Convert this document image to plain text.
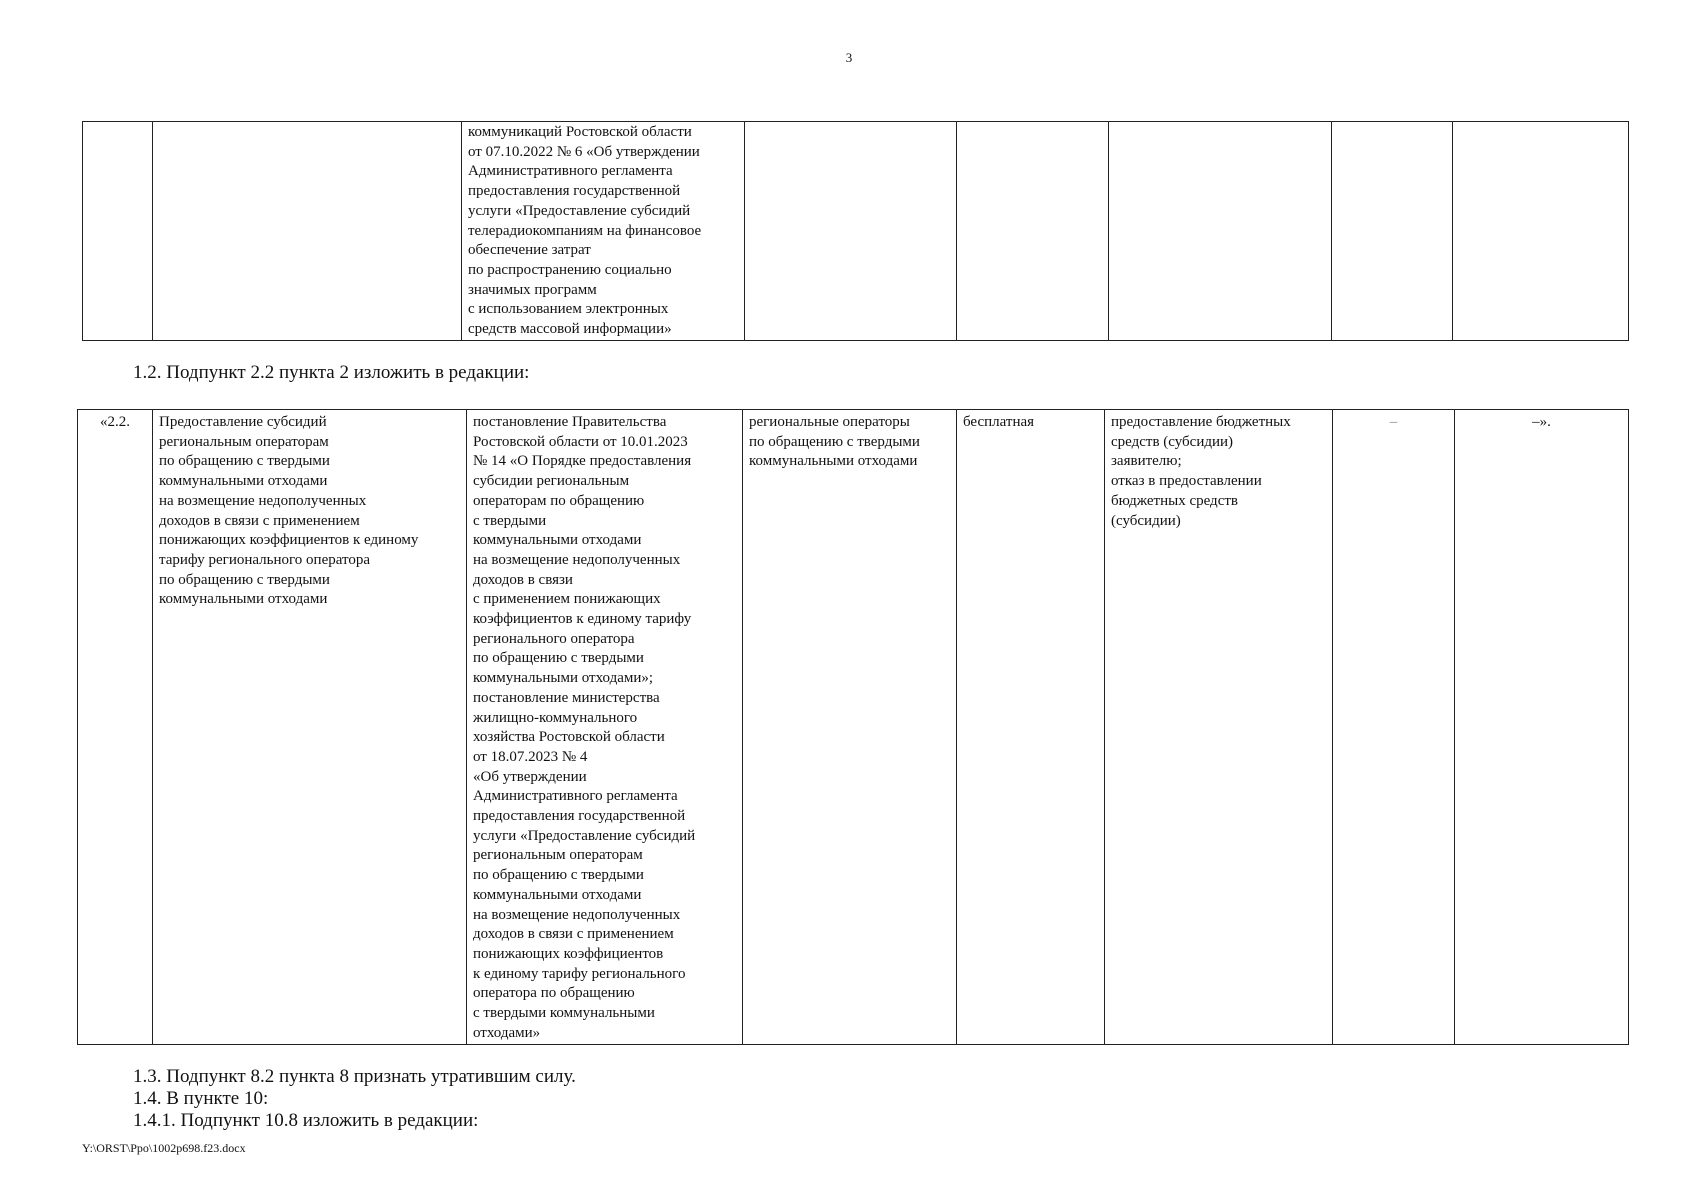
3
		коммуникаций Ростовской области
от 07.10.2022 № 6 «Об утверждении
Административного регламента
предоставления государственной
услуги «Предоставление субсидий
телерадиокомпаниям на финансовое
обеспечение затрат
по распространению социально
значимых программ
с использованием электронных
средств массовой информации»					
1.2. Подпункт 2.2 пункта 2 изложить в редакции:
«2.2.	Предоставление субсидий
региональным операторам
по обращению с твердыми
коммунальными отходами
на возмещение недополученных
доходов в связи с применением
понижающих коэффициентов к единому
тарифу регионального оператора
по обращению с твердыми
коммунальными отходами	постановление Правительства
Ростовской области от 10.01.2023
№ 14 «О Порядке предоставления
субсидии региональным
операторам по обращению
с твердыми
коммунальными отходами
на возмещение недополученных
доходов в связи
с применением понижающих
коэффициентов к единому тарифу
регионального оператора
по обращению с твердыми
коммунальными отходами»;
постановление министерства
жилищно-коммунального
хозяйства Ростовской области
от 18.07.2023 № 4
«Об утверждении
Административного регламента
предоставления государственной
услуги «Предоставление субсидий
региональным операторам
по обращению с твердыми
коммунальными отходами
на возмещение недополученных
доходов в связи с применением
понижающих коэффициентов
к единому тарифу регионального
оператора по обращению
с твердыми коммунальными
отходами»	региональные операторы
по обращению с твердыми
коммунальными отходами	бесплатная	предоставление бюджетных
средств (субсидии)
заявителю;
отказ в предоставлении
бюджетных средств
(субсидии)	–	–».
1.3. Подпункт 8.2 пункта 8 признать утратившим силу.
1.4. В пункте 10:
1.4.1. Подпункт 10.8 изложить в редакции:
Y:\ORST\Ppo\1002p698.f23.docx
